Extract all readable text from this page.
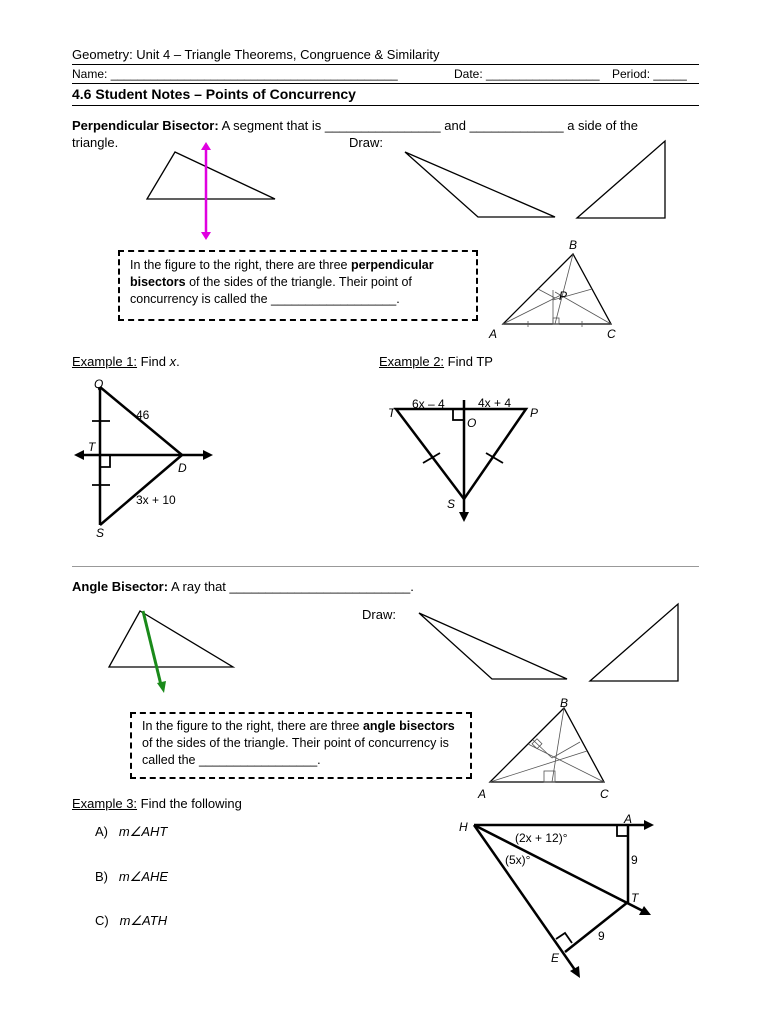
Geometry: Unit 4 – Triangle Theorems, Congruence & Similarity
Name: ___________________________________________	Date: _________________ Period: _____
4.6 Student Notes – Points of Concurrency
Perpendicular Bisector: A segment that is ________________ and _____________ a side of the
triangle.	Draw:
In the figure to the right, there are three perpendicular bisectors of the sides of the triangle. Their point of concurrency is called the __________________.
B
P
A	C
Example 1: Find x.
Q
46
T
D
3x + 10
S
Example 2: Find TP
6x – 4	4x + 4
T
O
P
S
Angle Bisector: A ray that _________________________.
Draw:
In the figure to the right, there are three angle bisectors of the sides of the triangle. Their point of concurrency is called the _________________.
B
A	C
Example 3: Find the following
A) m∠AHT
B) m∠AHE
C) m∠ATH
H
A
T
E
(2x + 12)°
(5x)°	9
9
